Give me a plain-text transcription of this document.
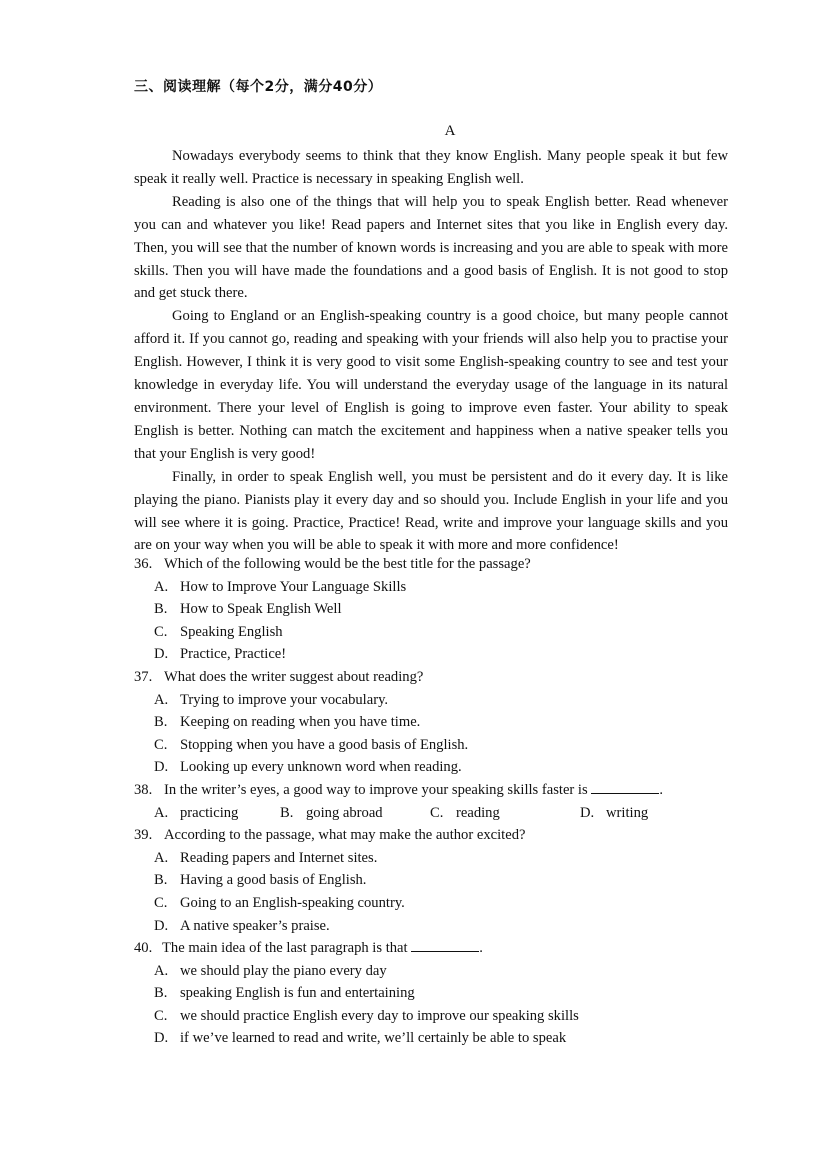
三、阅读理解（每个2分，满分40分）
A

Nowadays everybody seems to think that they know English. Many people speak it but few speak it really well. Practice is necessary in speaking English well.

Reading is also one of the things that will help you to speak English better. Read whenever you can and whatever you like! Read papers and Internet sites that you like in English every day. Then, you will see that the number of known words is increasing and you are able to speak with more skills. Then you will have made the foundations and a good basis of English. It is not good to stop and get stuck there.

Going to England or an English-speaking country is a good choice, but many people cannot afford it. If you cannot go, reading and speaking with your friends will also help you to practise your English. However, I think it is very good to visit some English-speaking country to see and test your knowledge in everyday life. You will understand the everyday usage of the language in its natural environment. There your level of English is going to improve even faster. Your ability to speak English is better. Nothing can match the excitement and happiness when a native speaker tells you that your English is very good!

Finally, in order to speak English well, you must be persistent and do it every day. It is like playing the piano. Pianists play it every day and so should you. Include English in your life and you will see where it is going. Practice, Practice! Read, write and improve your language skills and you are on your way when you will be able to speak it with more and more confidence!

36. Which of the following would be the best title for the passage?
A. How to Improve Your Language Skills
B. How to Speak English Well
C. Speaking English
D. Practice, Practice!
37. What does the writer suggest about reading?
A. Trying to improve your vocabulary.
B. Keeping on reading when you have time.
C. Stopping when you have a good basis of English.
D. Looking up every unknown word when reading.
38. In the writer’s eyes, a good way to improve your speaking skills faster is	.
A. practicing	B. going abroad	C. reading	D. writing
39. According to the passage, what may make the author excited?
A. Reading papers and Internet sites.
B. Having a good basis of English.
C. Going to an English-speaking country.
D. A native speaker’s praise.
40. The main idea of the last paragraph is that	.
A. we should play the piano every day
B. speaking English is fun and entertaining
C. we should practice English every day to improve our speaking skills
D. if we’ve learned to read and write, we’ll certainly be able to speak
